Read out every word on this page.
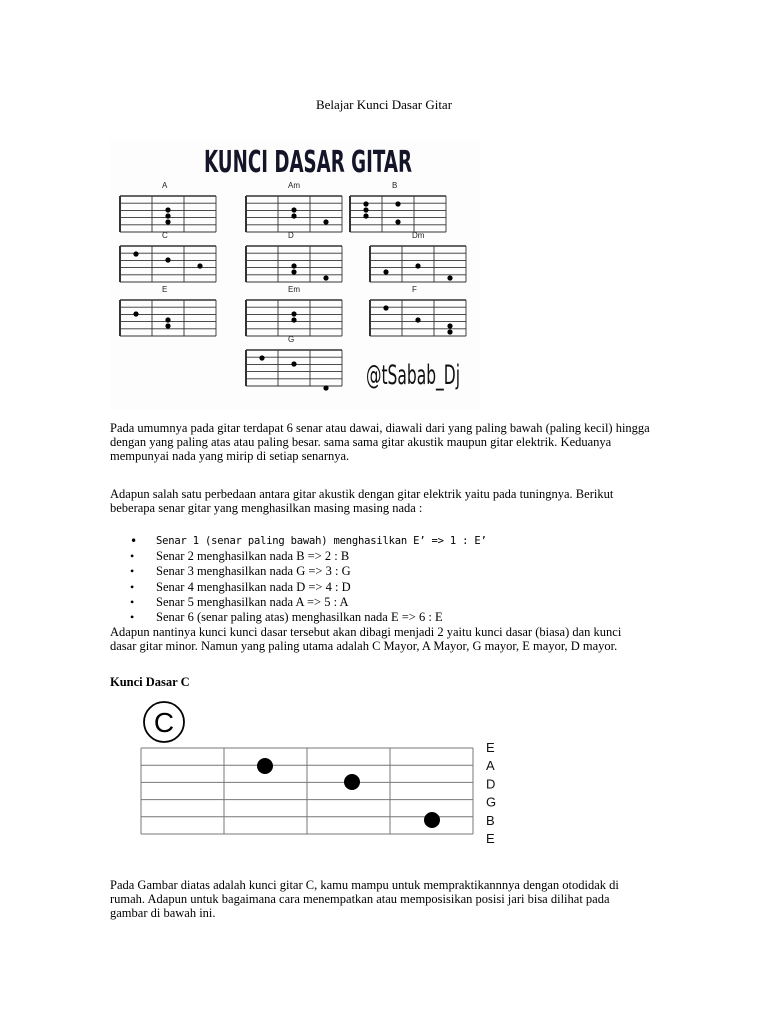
Belajar Kunci Dasar Gitar
KUNCI DASAR GITAR
A	Am	B
C	D	Dm
E	Em	F
G
@tSabab_Dj
Pada umumnya pada gitar terdapat 6 senar atau dawai, diawali dari yang paling bawah (paling kecil) hingga dengan yang paling atas atau paling besar. sama sama gitar akustik maupun gitar elektrik. Keduanya mempunyai nada yang mirip di setiap senarnya.
Adapun salah satu perbedaan antara gitar akustik dengan gitar elektrik yaitu pada tuningnya. Berikut beberapa senar gitar yang menghasilkan masing masing nada :
• Senar 1 (senar paling bawah) menghasilkan E’ => 1 : E’
• Senar 2 menghasilkan nada B => 2 : B
• Senar 3 menghasilkan nada G => 3 : G
• Senar 4 menghasilkan nada D => 4 : D
• Senar 5 menghasilkan nada A => 5 : A
• Senar 6 (senar paling atas) menghasilkan nada E => 6 : E
Adapun nantinya kunci kunci dasar tersebut akan dibagi menjadi 2 yaitu kunci dasar (biasa) dan kunci dasar gitar minor. Namun yang paling utama adalah C Mayor, A Mayor, G mayor, E mayor, D mayor.
Kunci Dasar C
C
E
A
D
G
B
E
Pada Gambar diatas adalah kunci gitar C, kamu mampu untuk mempraktikannnya dengan otodidak di rumah. Adapun untuk bagaimana cara menempatkan atau memposisikan posisi jari bisa dilihat pada gambar di bawah ini.
